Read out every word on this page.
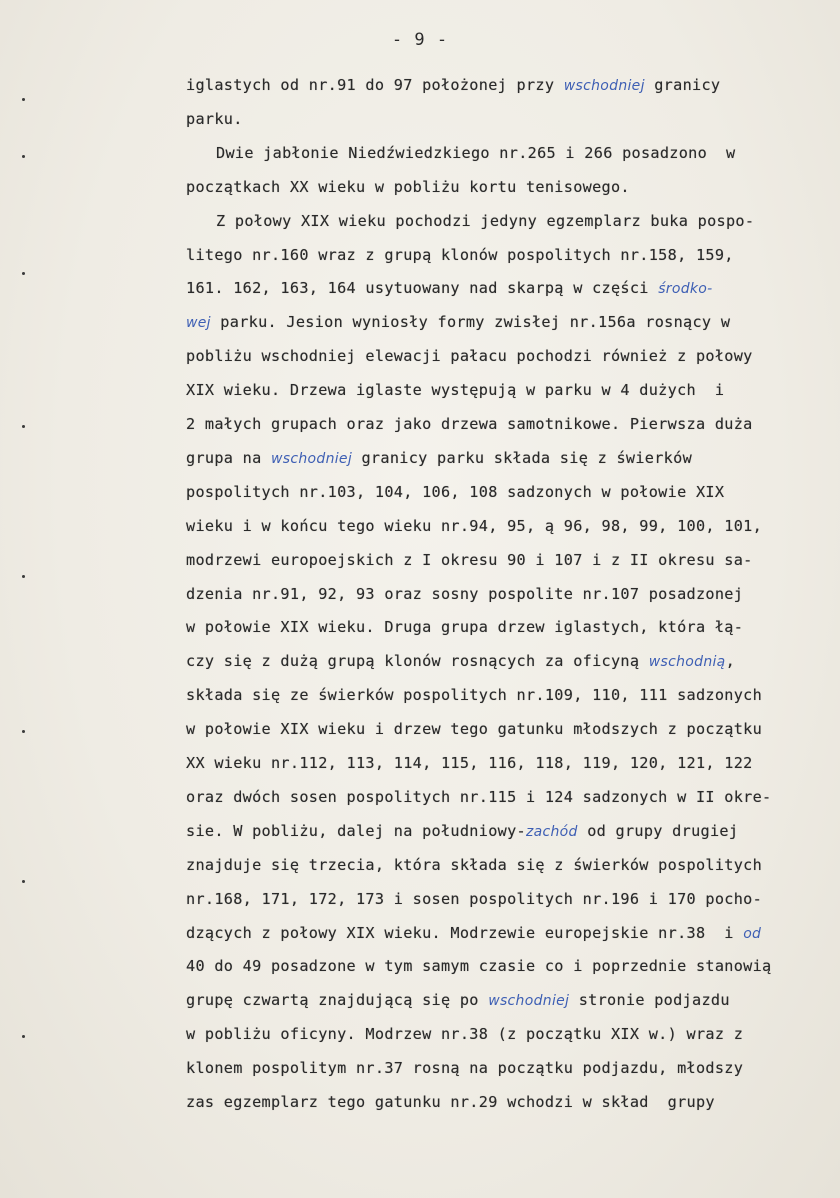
- 9 -
iglastych od nr.91 do 97 położonej przy wschodniej granicy
parku.
Dwie jabłonie Niedźwiedzkiego nr.265 i 266 posadzono  w
początkach XX wieku w pobliżu kortu tenisowego.
Z połowy XIX wieku pochodzi jedyny egzemplarz buka pospo-
litego nr.160 wraz z grupą klonów pospolitych nr.158, 159,
161. 162, 163, 164 usytuowany nad skarpą w części środko-
wej parku. Jesion wyniosły formy zwisłej nr.156a rosnący w
pobliżu wschodniej elewacji pałacu pochodzi również z połowy
XIX wieku. Drzewa iglaste występują w parku w 4 dużych  i
2 małych grupach oraz jako drzewa samotnikowe. Pierwsza duża
grupa na wschodniej granicy parku składa się z świerków
pospolitych nr.103, 104, 106, 108 sadzonych w połowie XIX
wieku i w końcu tego wieku nr.94, 95, ą 96, 98, 99, 100, 101,
modrzewi europoejskich z I okresu 90 i 107 i z II okresu sa-
dzenia nr.91, 92, 93 oraz sosny pospolite nr.107 posadzonej
w połowie XIX wieku. Druga grupa drzew iglastych, która łą-
czy się z dużą grupą klonów rosnących za oficyną wschodnią,
składa się ze świerków pospolitych nr.109, 110, 111 sadzonych
w połowie XIX wieku i drzew tego gatunku młodszych z początku
XX wieku nr.112, 113, 114, 115, 116, 118, 119, 120, 121, 122
oraz dwóch sosen pospolitych nr.115 i 124 sadzonych w II okre-
sie. W pobliżu, dalej na południowy-zachód od grupy drugiej
znajduje się trzecia, która składa się z świerków pospolitych
nr.168, 171, 172, 173 i sosen pospolitych nr.196 i 170 pocho-
dzących z połowy XIX wieku. Modrzewie europejskie nr.38  i od
40 do 49 posadzone w tym samym czasie co i poprzednie stanowią
grupę czwartą znajdującą się po wschodniej stronie podjazdu
w pobliżu oficyny. Modrzew nr.38 (z początku XIX w.) wraz z
klonem pospolitym nr.37 rosną na początku podjazdu, młodszy
zas egzemplarz tego gatunku nr.29 wchodzi w skład  grupy
